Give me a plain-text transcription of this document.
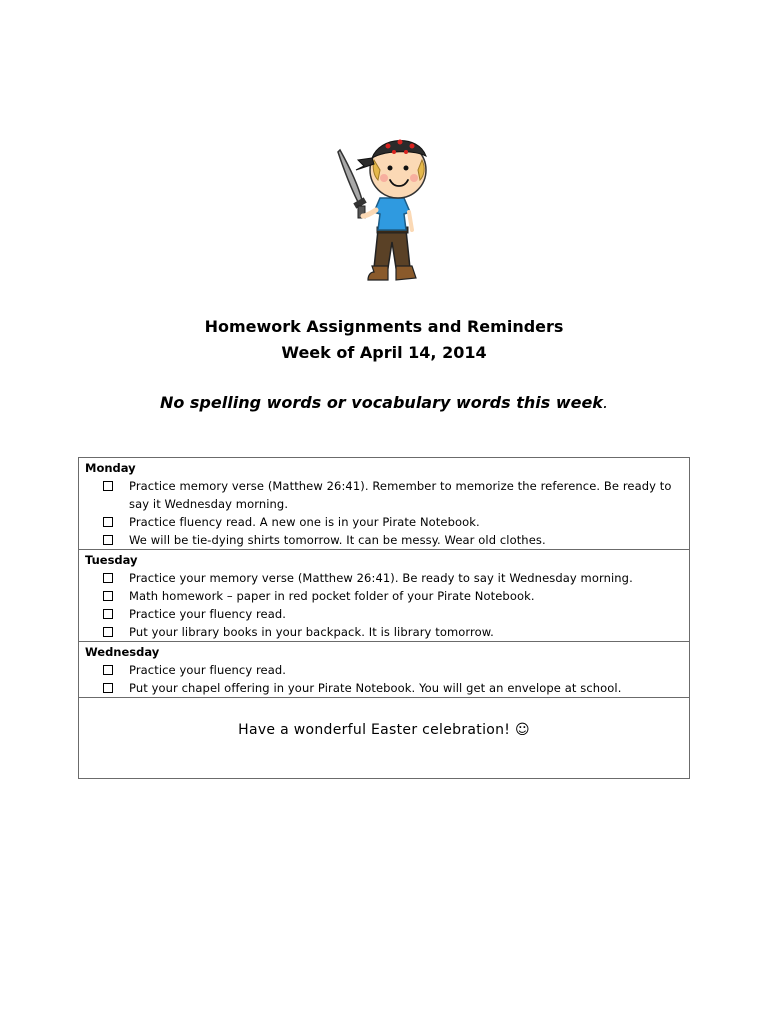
Homework Assignments and Reminders
Week of April 14, 2014
No spelling words or vocabulary words this week.
Monday
Practice memory verse (Matthew 26:41). Remember to memorize the reference. Be ready to say it Wednesday morning.
Practice fluency read. A new one is in your Pirate Notebook.
We will be tie-dying shirts tomorrow. It can be messy. Wear old clothes.
Tuesday
Practice your memory verse (Matthew 26:41). Be ready to say it Wednesday morning.
Math homework – paper in red pocket folder of your Pirate Notebook.
Practice your fluency read.
Put your library books in your backpack. It is library tomorrow.
Wednesday
Practice your fluency read.
Put your chapel offering in your Pirate Notebook. You will get an envelope at school.
Have a wonderful Easter celebration! ☺
